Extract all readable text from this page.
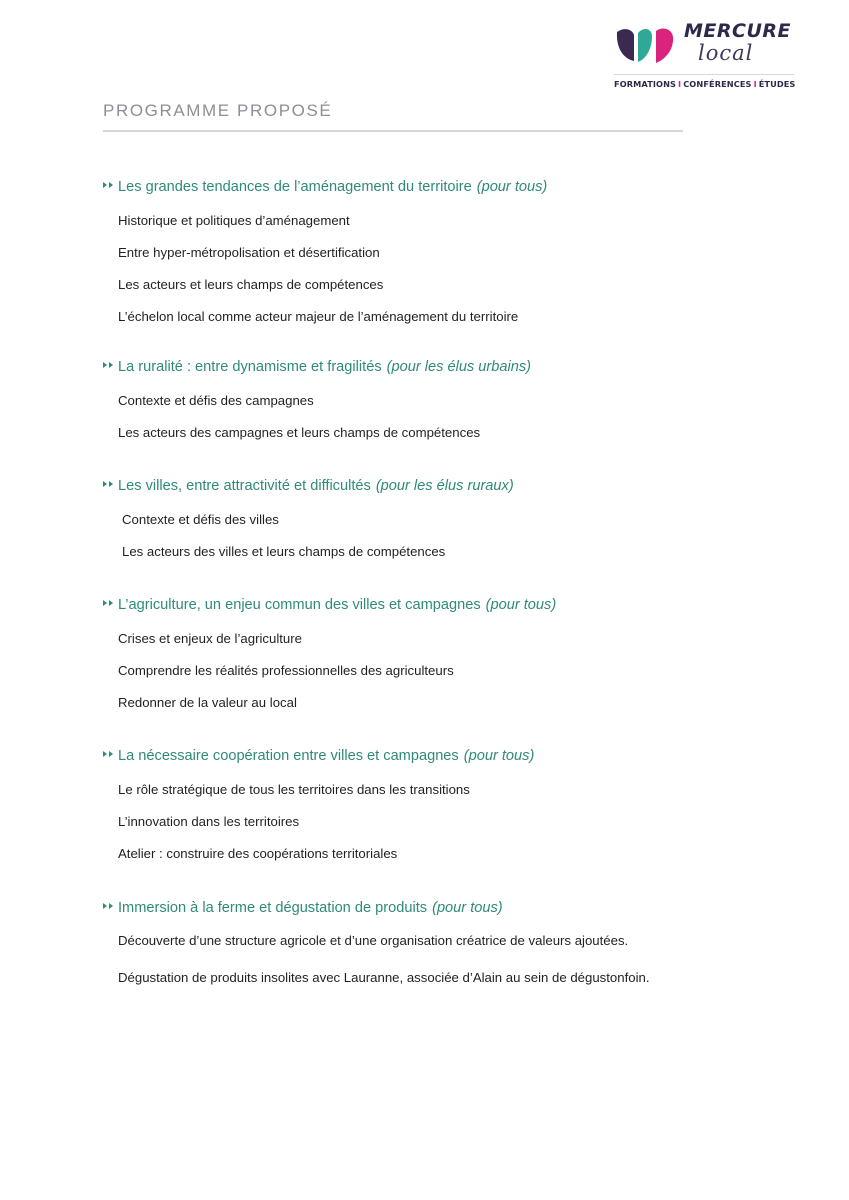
MERCURE
local
FORMATIONS I CONFÉRENCES I ÉTUDES
PROGRAMME PROPOSÉ
Les grandes tendances de l’aménagement du territoire (pour tous)
Historique et politiques d’aménagement
Entre hyper-métropolisation et désertification
Les acteurs et leurs champs de compétences
L’échelon local comme acteur majeur de l’aménagement du territoire
La ruralité : entre dynamisme et fragilités (pour les élus urbains)
Contexte et défis des campagnes
Les acteurs des campagnes et leurs champs de compétences
Les villes, entre attractivité et difficultés (pour les élus ruraux)
Contexte et défis des villes
Les acteurs des villes et leurs champs de compétences
L’agriculture, un enjeu commun des villes et campagnes (pour tous)
Crises et enjeux de l’agriculture
Comprendre les réalités professionnelles des agriculteurs
Redonner de la valeur au local
La nécessaire coopération entre villes et campagnes (pour tous)
Le rôle stratégique de tous les territoires dans les transitions
L’innovation dans les territoires
Atelier : construire des coopérations territoriales
Immersion à la ferme et dégustation de produits (pour tous)
Découverte d’une structure agricole et d’une organisation créatrice de valeurs ajoutées.
Dégustation de produits insolites avec Lauranne, associée d’Alain au sein de dégustonfoin.
